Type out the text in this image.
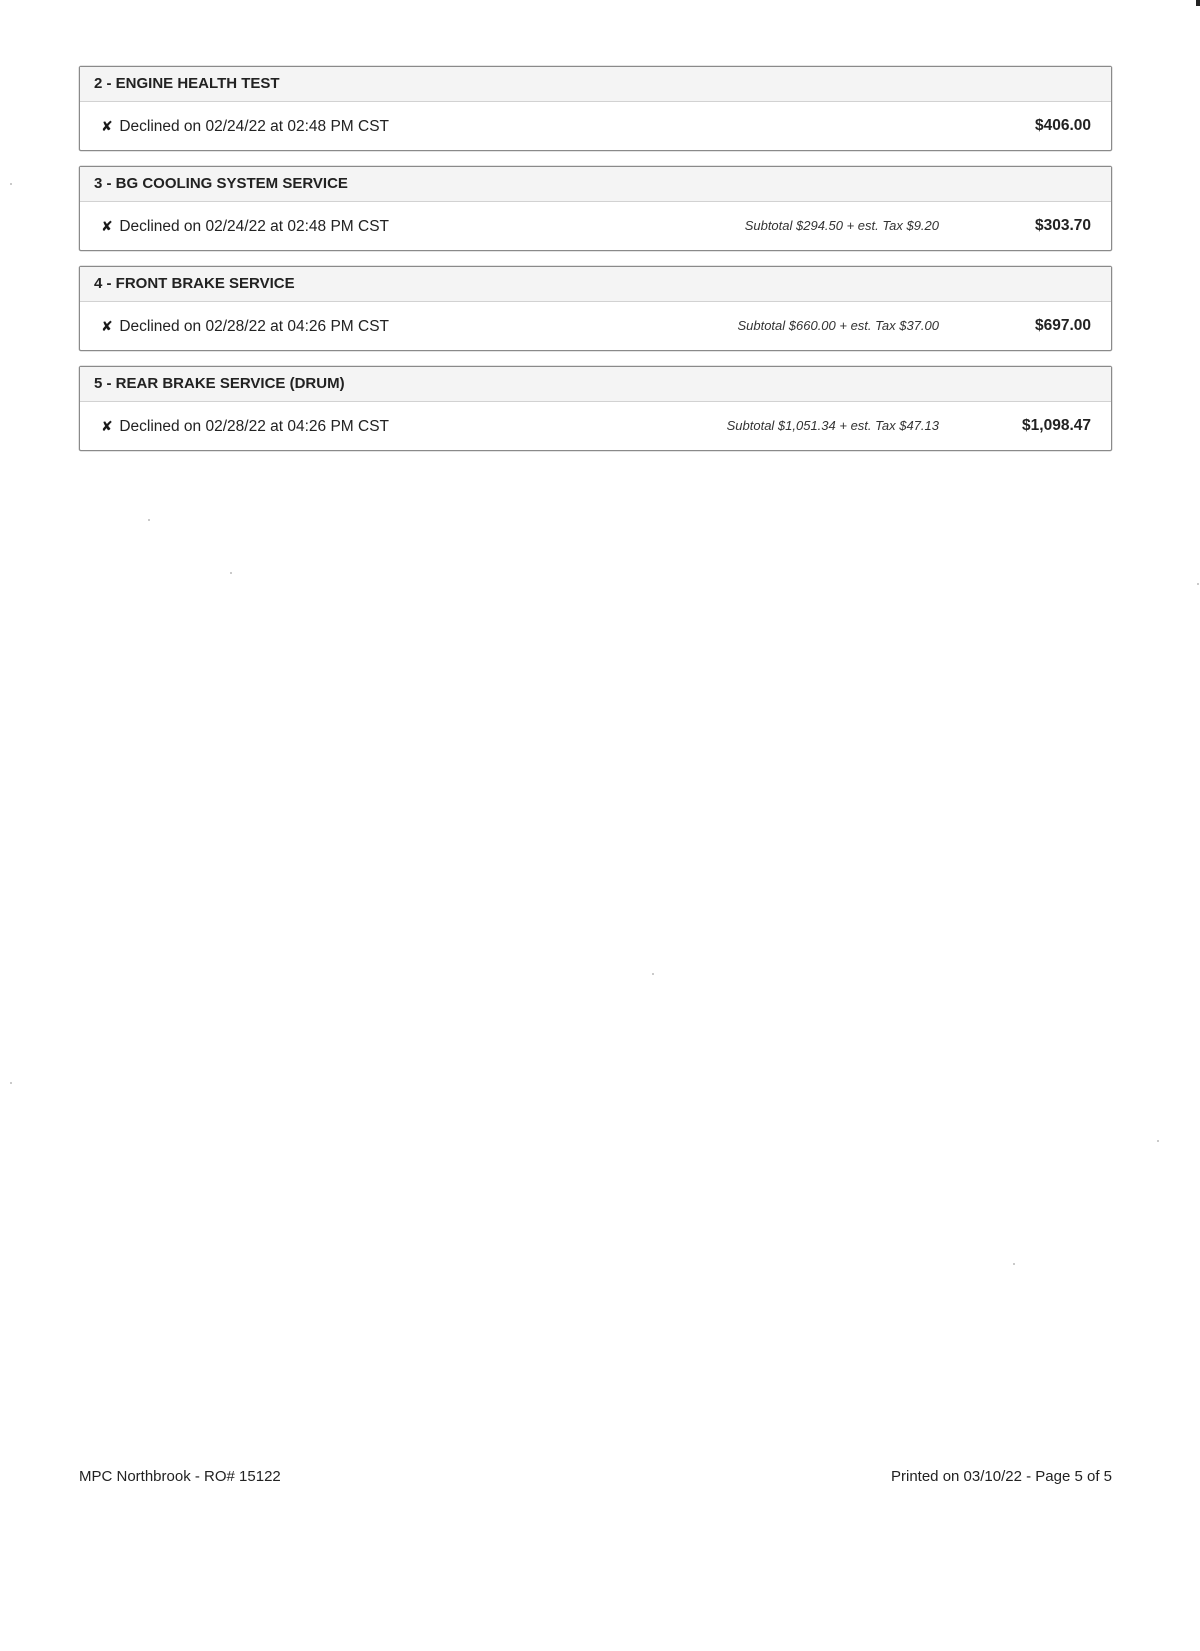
2 - ENGINE HEALTH TEST
✘ Declined on 02/24/22 at 02:48 PM CST	$406.00
3 - BG COOLING SYSTEM SERVICE
✘ Declined on 02/24/22 at 02:48 PM CST	Subtotal $294.50 + est. Tax $9.20	$303.70
4 - FRONT BRAKE SERVICE
✘ Declined on 02/28/22 at 04:26 PM CST	Subtotal $660.00 + est. Tax $37.00	$697.00
5 - REAR BRAKE SERVICE (DRUM)
✘ Declined on 02/28/22 at 04:26 PM CST	Subtotal $1,051.34 + est. Tax $47.13	$1,098.47
MPC Northbrook - RO# 15122	Printed on 03/10/22 - Page 5 of 5
